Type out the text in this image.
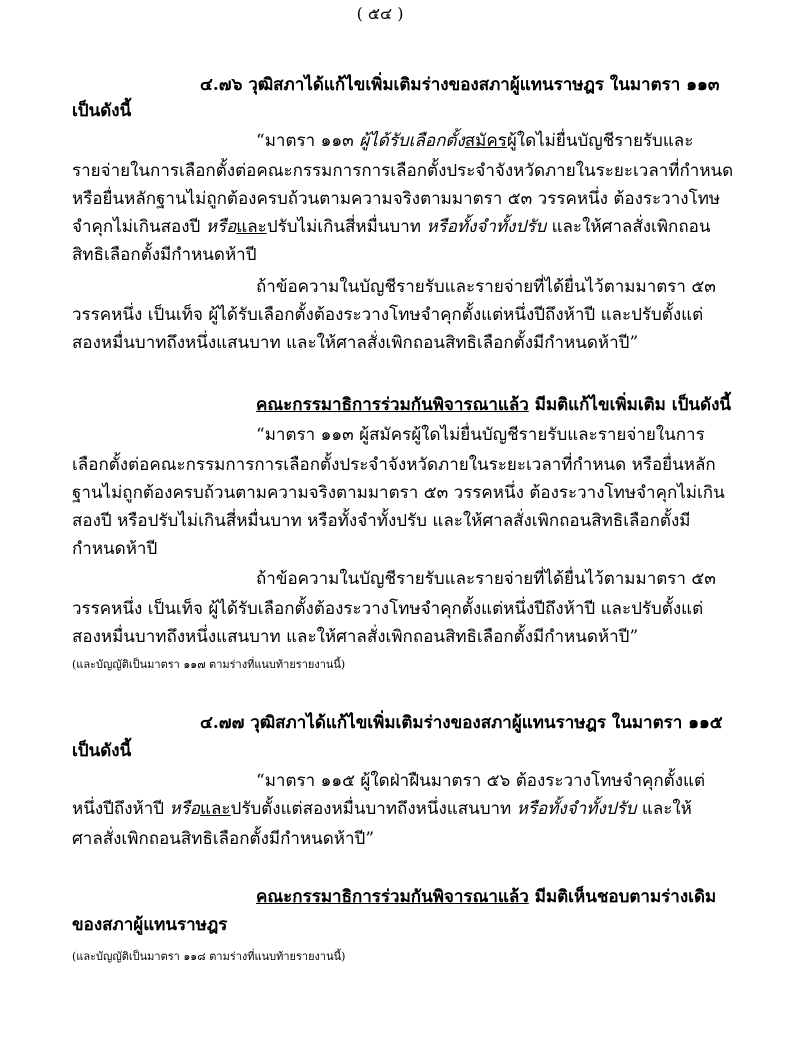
( ๕๔ )
๔.๗๖ วุฒิสภาได้แก้ไขเพิ่มเติมร่างของสภาผู้แทนราษฎร ในมาตรา ๑๑๓
เป็นดังนี้
“มาตรา ๑๑๓ ผู้ได้รับเลือกตั้งสมัครผู้ใดไม่ยื่นบัญชีรายรับและ
รายจ่ายในการเลือกตั้งต่อคณะกรรมการการเลือกตั้งประจำจังหวัดภายในระยะเวลาที่กำหนด
หรือยื่นหลักฐานไม่ถูกต้องครบถ้วนตามความจริงตามมาตรา ๕๓ วรรคหนึ่ง ต้องระวางโทษ
จำคุกไม่เกินสองปี หรือและปรับไม่เกินสี่หมื่นบาท หรือทั้งจำทั้งปรับ และให้ศาลสั่งเพิกถอน
สิทธิเลือกตั้งมีกำหนดห้าปี
ถ้าข้อความในบัญชีรายรับและรายจ่ายที่ได้ยื่นไว้ตามมาตรา ๕๓
วรรคหนึ่ง เป็นเท็จ ผู้ได้รับเลือกตั้งต้องระวางโทษจำคุกตั้งแต่หนึ่งปีถึงห้าปี และปรับตั้งแต่
สองหมื่นบาทถึงหนึ่งแสนบาท และให้ศาลสั่งเพิกถอนสิทธิเลือกตั้งมีกำหนดห้าปี”
คณะกรรมาธิการร่วมกันพิจารณาแล้ว มีมติแก้ไขเพิ่มเติม เป็นดังนี้
“มาตรา ๑๑๓ ผู้สมัครผู้ใดไม่ยื่นบัญชีรายรับและรายจ่ายในการ
เลือกตั้งต่อคณะกรรมการการเลือกตั้งประจำจังหวัดภายในระยะเวลาที่กำหนด หรือยื่นหลัก
ฐานไม่ถูกต้องครบถ้วนตามความจริงตามมาตรา ๕๓ วรรคหนึ่ง ต้องระวางโทษจำคุกไม่เกิน
สองปี หรือปรับไม่เกินสี่หมื่นบาท หรือทั้งจำทั้งปรับ และให้ศาลสั่งเพิกถอนสิทธิเลือกตั้งมี
กำหนดห้าปี
ถ้าข้อความในบัญชีรายรับและรายจ่ายที่ได้ยื่นไว้ตามมาตรา ๕๓
วรรคหนึ่ง เป็นเท็จ ผู้ได้รับเลือกตั้งต้องระวางโทษจำคุกตั้งแต่หนึ่งปีถึงห้าปี และปรับตั้งแต่
สองหมื่นบาทถึงหนึ่งแสนบาท และให้ศาลสั่งเพิกถอนสิทธิเลือกตั้งมีกำหนดห้าปี”
(และบัญญัติเป็นมาตรา ๑๑๗ ตามร่างที่แนบท้ายรายงานนี้)
๔.๗๗ วุฒิสภาได้แก้ไขเพิ่มเติมร่างของสภาผู้แทนราษฎร ในมาตรา ๑๑๕
เป็นดังนี้
“มาตรา ๑๑๕ ผู้ใดฝ่าฝืนมาตรา ๕๖ ต้องระวางโทษจำคุกตั้งแต่
หนึ่งปีถึงห้าปี หรือและปรับตั้งแต่สองหมื่นบาทถึงหนึ่งแสนบาท หรือทั้งจำทั้งปรับ และให้
ศาลสั่งเพิกถอนสิทธิเลือกตั้งมีกำหนดห้าปี”
คณะกรรมาธิการร่วมกันพิจารณาแล้ว มีมติเห็นชอบตามร่างเดิม
ของสภาผู้แทนราษฎร
(และบัญญัติเป็นมาตรา ๑๑๘ ตามร่างที่แนบท้ายรายงานนี้)
